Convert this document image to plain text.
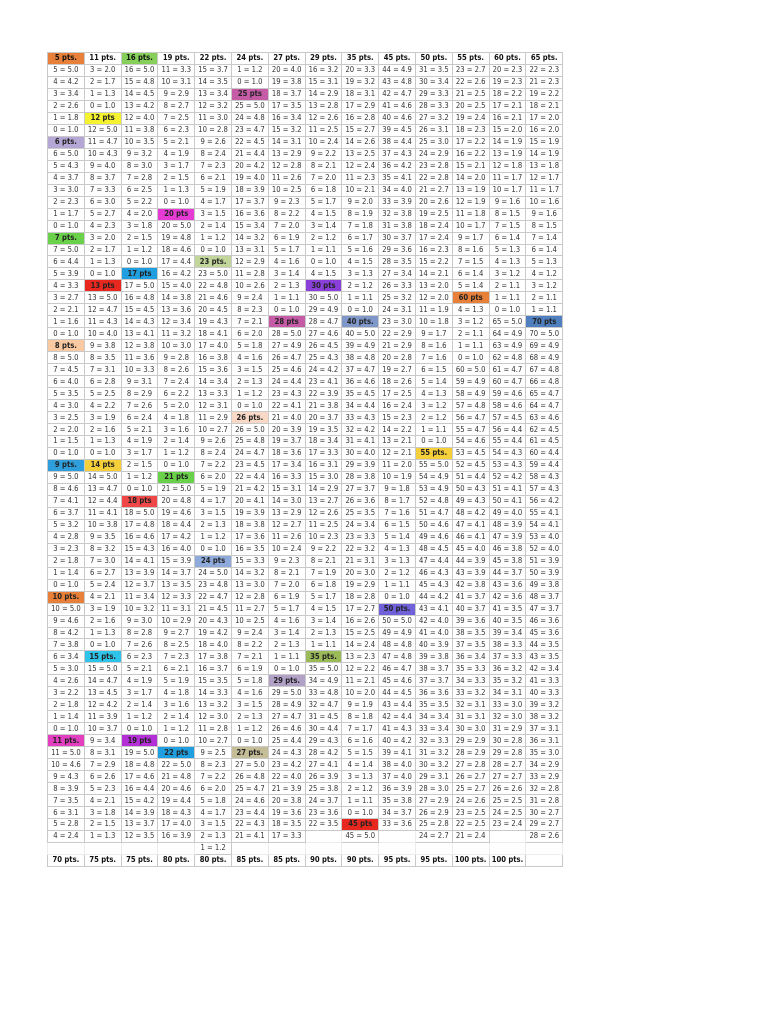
5 pts.	11 pts.	16 pts.	19 pts.	22 pts.	24 pts.	27 pts.	29 pts.	35 pts.	45 pts.	50 pts.	55 pts.	60 pts.	65 pts.
5 = 5.0	3 = 2.0	16 = 5.0	11 = 3.3	15 = 3.7	1 = 1.2	20 = 4.0	16 = 3.2	20 = 3.3	44 = 4.9	31 = 3.5	23 = 2.7	20 = 2.3	22 = 2.3
4 = 4.2	2 = 1.7	15 = 4.8	10 = 3.1	14 = 3.5	0 = 1.0	19 = 3.8	15 = 3.1	19 = 3.2	43 = 4.8	30 = 3.4	22 = 2.6	19 = 2.3	21 = 2.3
3 = 3.4	1 = 1.3	14 = 4.5	9 = 2.9	13 = 3.4	25 pts	18 = 3.7	14 = 2.9	18 = 3.1	42 = 4.7	29 = 3.3	21 = 2.5	18 = 2.2	19 = 2.2
2 = 2.6	0 = 1.0	13 = 4.2	8 = 2.7	12 = 3.2	25 = 5.0	17 = 3.5	13 = 2.8	17 = 2.9	41 = 4.6	28 = 3.3	20 = 2.5	17 = 2.1	18 = 2.1
1 = 1.8	12 pts	12 = 4.0	7 = 2.5	11 = 3.0	24 = 4.8	16 = 3.4	12 = 2.6	16 = 2.8	40 = 4.6	27 = 3.2	19 = 2.4	16 = 2.1	17 = 2.0
0 = 1.0	12 = 5.0	11 = 3.8	6 = 2.3	10 = 2.8	23 = 4.7	15 = 3.2	11 = 2.5	15 = 2.7	39 = 4.5	26 = 3.1	18 = 2.3	15 = 2.0	16 = 2.0
6 pts.	11 = 4.7	10 = 3.5	5 = 2.1	9 = 2.6	22 = 4.5	14 = 3.1	10 = 2.4	14 = 2.6	38 = 4.4	25 = 3.0	17 = 2.2	14 = 1.9	15 = 1.9
6 = 5.0	10 = 4.3	9 = 3.2	4 = 1.9	8 = 2.4	21 = 4.4	13 = 2.9	9 = 2.2	13 = 2.5	37 = 4.3	24 = 2.9	16 = 2.2	13 = 1.9	14 = 1.9
5 = 4.3	9 = 4.0	8 = 3.0	3 = 1.7	7 = 2.3	20 = 4.2	12 = 2.8	8 = 2.1	12 = 2.4	36 = 4.2	23 = 2.8	15 = 2.1	12 = 1.8	13 = 1.8
4 = 3.7	8 = 3.7	7 = 2.8	2 = 1.5	6 = 2.1	19 = 4.0	11 = 2.6	7 = 2.0	11 = 2.3	35 = 4.1	22 = 2.8	14 = 2.0	11 = 1.7	12 = 1.7
3 = 3.0	7 = 3.3	6 = 2.5	1 = 1.3	5 = 1.9	18 = 3.9	10 = 2.5	6 = 1.8	10 = 2.1	34 = 4.0	21 = 2.7	13 = 1.9	10 = 1.7	11 = 1.7
2 = 2.3	6 = 3.0	5 = 2.2	0 = 1.0	4 = 1.7	17 = 3.7	9 = 2.3	5 = 1.7	9 = 2.0	33 = 3.9	20 = 2.6	12 = 1.9	9 = 1.6	10 = 1.6
1 = 1.7	5 = 2.7	4 = 2.0	20 pts	3 = 1.5	16 = 3.6	8 = 2.2	4 = 1.5	8 = 1.9	32 = 3.8	19 = 2.5	11 = 1.8	8 = 1.5	9 = 1.6
0 = 1.0	4 = 2.3	3 = 1.8	20 = 5.0	2 = 1.4	15 = 3.4	7 = 2.0	3 = 1.4	7 = 1.8	31 = 3.8	18 = 2.4	10 = 1.7	7 = 1.5	8 = 1.5
7 pts.	3 = 2.0	2 = 1.5	19 = 4.8	1 = 1.2	14 = 3.2	6 = 1.9	2 = 1.2	6 = 1.7	30 = 3.7	17 = 2.4	9 = 1.7	6 = 1.4	7 = 1.4
7 = 5.0	2 = 1.7	1 = 1.2	18 = 4.6	0 = 1.0	13 = 3.1	5 = 1.7	1 = 1.1	5 = 1.6	29 = 3.6	16 = 2.3	8 = 1.6	5 = 1.3	6 = 1.4
6 = 4.4	1 = 1.3	0 = 1.0	17 = 4.4	23 pts.	12 = 2.9	4 = 1.6	0 = 1.0	4 = 1.5	28 = 3.5	15 = 2.2	7 = 1.5	4 = 1.3	5 = 1.3
5 = 3.9	0 = 1.0	17 pts	16 = 4.2	23 = 5.0	11 = 2.8	3 = 1.4	4 = 1.5	3 = 1.3	27 = 3.4	14 = 2.1	6 = 1.4	3 = 1.2	4 = 1.2
4 = 3.3	13 pts	17 = 5.0	15 = 4.0	22 = 4.8	10 = 2.6	2 = 1.3	30 pts	2 = 1.2	26 = 3.3	13 = 2.0	5 = 1.4	2 = 1.1	3 = 1.2
3 = 2.7	13 = 5.0	16 = 4.8	14 = 3.8	21 = 4.6	9 = 2.4	1 = 1.1	30 = 5.0	1 = 1.1	25 = 3.2	12 = 2.0	60 pts	1 = 1.1	2 = 1.1
2 = 2.1	12 = 4.7	15 = 4.5	13 = 3.6	20 = 4.5	8 = 2.3	0 = 1.0	29 = 4.9	0 = 1.0	24 = 3.1	11 = 1.9	4 = 1.3	0 = 1.0	1 = 1.1
1 = 1.6	11 = 4.3	14 = 4.3	12 = 3.4	19 = 4.3	7 = 2.1	28 pts	28 = 4.7	40 pts.	23 = 3.0	10 = 1.8	3 = 1.2	65 = 5.0	70 pts
0 = 1.0	10 = 4.0	13 = 4.1	11 = 3.2	18 = 4.1	6 = 2.0	28 = 5.0	27 = 4.6	40 = 5.0	22 = 2.9	9 = 1.7	2 = 1.1	64 = 4.9	70 = 5.0
8 pts.	9 = 3.8	12 = 3.8	10 = 3.0	17 = 4.0	5 = 1.8	27 = 4.9	26 = 4.5	39 = 4.9	21 = 2.9	8 = 1.6	1 = 1.1	63 = 4.9	69 = 4.9
8 = 5.0	8 = 3.5	11 = 3.6	9 = 2.8	16 = 3.8	4 = 1.6	26 = 4.7	25 = 4.3	38 = 4.8	20 = 2.8	7 = 1.6	0 = 1.0	62 = 4.8	68 = 4.9
7 = 4.5	7 = 3.1	10 = 3.3	8 = 2.6	15 = 3.6	3 = 1.5	25 = 4.6	24 = 4.2	37 = 4.7	19 = 2.7	6 = 1.5	60 = 5.0	61 = 4.7	67 = 4.8
6 = 4.0	6 = 2.8	9 = 3.1	7 = 2.4	14 = 3.4	2 = 1.3	24 = 4.4	23 = 4.1	36 = 4.6	18 = 2.6	5 = 1.4	59 = 4.9	60 = 4.7	66 = 4.8
5 = 3.5	5 = 2.5	8 = 2.9	6 = 2.2	13 = 3.3	1 = 1.2	23 = 4.3	22 = 3.9	35 = 4.5	17 = 2.5	4 = 1.3	58 = 4.9	59 = 4.6	65 = 4.7
4 = 3.0	4 = 2.2	7 = 2.6	5 = 2.0	12 = 3.1	0 = 1.0	22 = 4.1	21 = 3.8	34 = 4.4	16 = 2.4	3 = 1.2	57 = 4.8	58 = 4.6	64 = 4.7
3 = 2.5	3 = 1.9	6 = 2.4	4 = 1.8	11 = 2.9	26 pts.	21 = 4.0	20 = 3.7	33 = 4.3	15 = 2.3	2 = 1.2	56 = 4.7	57 = 4.5	63 = 4.6
2 = 2.0	2 = 1.6	5 = 2.1	3 = 1.6	10 = 2.7	26 = 5.0	20 = 3.9	19 = 3.5	32 = 4.2	14 = 2.2	1 = 1.1	55 = 4.7	56 = 4.4	62 = 4.5
1 = 1.5	1 = 1.3	4 = 1.9	2 = 1.4	9 = 2.6	25 = 4.8	19 = 3.7	18 = 3.4	31 = 4.1	13 = 2.1	0 = 1.0	54 = 4.6	55 = 4.4	61 = 4.5
0 = 1.0	0 = 1.0	3 = 1.7	1 = 1.2	8 = 2.4	24 = 4.7	18 = 3.6	17 = 3.3	30 = 4.0	12 = 2.1	55 pts.	53 = 4.5	54 = 4.3	60 = 4.4
9 pts.	14 pts	2 = 1.5	0 = 1.0	7 = 2.2	23 = 4.5	17 = 3.4	16 = 3.1	29 = 3.9	11 = 2.0	55 = 5.0	52 = 4.5	53 = 4.3	59 = 4.4
9 = 5.0	14 = 5.0	1 = 1.2	21 pts	6 = 2.0	22 = 4.4	16 = 3.3	15 = 3.0	28 = 3.8	10 = 1.9	54 = 4.9	51 = 4.4	52 = 4.2	58 = 4.3
8 = 4.6	13 = 4.7	0 = 1.0	21 = 5.0	5 = 1.9	21 = 4.2	15 = 3.1	14 = 2.9	27 = 3.7	9 = 1.8	53 = 4.9	50 = 4.3	51 = 4.1	57 = 4.3
7 = 4.1	12 = 4.4	18 pts	20 = 4.8	4 = 1.7	20 = 4.1	14 = 3.0	13 = 2.7	26 = 3.6	8 = 1.7	52 = 4.8	49 = 4.3	50 = 4.1	56 = 4.2
6 = 3.7	11 = 4.1	18 = 5.0	19 = 4.6	3 = 1.5	19 = 3.9	13 = 2.9	12 = 2.6	25 = 3.5	7 = 1.6	51 = 4.7	48 = 4.2	49 = 4.0	55 = 4.1
5 = 3.2	10 = 3.8	17 = 4.8	18 = 4.4	2 = 1.3	18 = 3.8	12 = 2.7	11 = 2.5	24 = 3.4	6 = 1.5	50 = 4.6	47 = 4.1	48 = 3.9	54 = 4.1
4 = 2.8	9 = 3.5	16 = 4.6	17 = 4.2	1 = 1.2	17 = 3.6	11 = 2.6	10 = 2.3	23 = 3.3	5 = 1.4	49 = 4.6	46 = 4.1	47 = 3.9	53 = 4.0
3 = 2.3	8 = 3.2	15 = 4.3	16 = 4.0	0 = 1.0	16 = 3.5	10 = 2.4	9 = 2.2	22 = 3.2	4 = 1.3	48 = 4.5	45 = 4.0	46 = 3.8	52 = 4.0
2 = 1.8	7 = 3.0	14 = 4.1	15 = 3.9	24 pts	15 = 3.3	9 = 2.3	8 = 2.1	21 = 3.1	3 = 1.3	47 = 4.4	44 = 3.9	45 = 3.8	51 = 3.9
1 = 1.4	6 = 2.7	13 = 3.9	14 = 3.7	24 = 5.0	14 = 3.2	8 = 2.1	7 = 1.9	20 = 3.0	2 = 1.2	46 = 4.3	43 = 3.9	44 = 3.7	50 = 3.9
0 = 1.0	5 = 2.4	12 = 3.7	13 = 3.5	23 = 4.8	13 = 3.0	7 = 2.0	6 = 1.8	19 = 2.9	1 = 1.1	45 = 4.3	42 = 3.8	43 = 3.6	49 = 3.8
10 pts.	4 = 2.1	11 = 3.4	12 = 3.3	22 = 4.7	12 = 2.8	6 = 1.9	5 = 1.7	18 = 2.8	0 = 1.0	44 = 4.2	41 = 3.7	42 = 3.6	48 = 3.7
10 = 5.0	3 = 1.9	10 = 3.2	11 = 3.1	21 = 4.5	11 = 2.7	5 = 1.7	4 = 1.5	17 = 2.7	50 pts.	43 = 4.1	40 = 3.7	41 = 3.5	47 = 3.7
9 = 4.6	2 = 1.6	9 = 3.0	10 = 2.9	20 = 4.3	10 = 2.5	4 = 1.6	3 = 1.4	16 = 2.6	50 = 5.0	42 = 4.0	39 = 3.6	40 = 3.5	46 = 3.6
8 = 4.2	1 = 1.3	8 = 2.8	9 = 2.7	19 = 4.2	9 = 2.4	3 = 1.4	2 = 1.3	15 = 2.5	49 = 4.9	41 = 4.0	38 = 3.5	39 = 3.4	45 = 3.6
7 = 3.8	0 = 1.0	7 = 2.6	8 = 2.5	18 = 4.0	8 = 2.2	2 = 1.3	1 = 1.1	14 = 2.4	48 = 4.8	40 = 3.9	37 = 3.5	38 = 3.3	44 = 3.5
6 = 3.4	15 pts.	6 = 2.3	7 = 2.3	17 = 3.8	7 = 2.1	1 = 1.1	35 pts.	13 = 2.3	47 = 4.8	39 = 3.8	36 = 3.4	37 = 3.3	43 = 3.5
5 = 3.0	15 = 5.0	5 = 2.1	6 = 2.1	16 = 3.7	6 = 1.9	0 = 1.0	35 = 5.0	12 = 2.2	46 = 4.7	38 = 3.7	35 = 3.3	36 = 3.2	42 = 3.4
4 = 2.6	14 = 4.7	4 = 1.9	5 = 1.9	15 = 3.5	5 = 1.8	29 pts.	34 = 4.9	11 = 2.1	45 = 4.6	37 = 3.7	34 = 3.3	35 = 3.2	41 = 3.3
3 = 2.2	13 = 4.5	3 = 1.7	4 = 1.8	14 = 3.3	4 = 1.6	29 = 5.0	33 = 4.8	10 = 2.0	44 = 4.5	36 = 3.6	33 = 3.2	34 = 3.1	40 = 3.3
2 = 1.8	12 = 4.2	2 = 1.4	3 = 1.6	13 = 3.2	3 = 1.5	28 = 4.9	32 = 4.7	9 = 1.9	43 = 4.4	35 = 3.5	32 = 3.1	33 = 3.0	39 = 3.2
1 = 1.4	11 = 3.9	1 = 1.2	2 = 1.4	12 = 3.0	2 = 1.3	27 = 4.7	31 = 4.5	8 = 1.8	42 = 4.4	34 = 3.4	31 = 3.1	32 = 3.0	38 = 3.2
0 = 1.0	10 = 3.7	0 = 1.0	1 = 1.2	11 = 2.8	1 = 1.2	26 = 4.6	30 = 4.4	7 = 1.7	41 = 4.3	33 = 3.4	30 = 3.0	31 = 2.9	37 = 3.1
11 pts.	9 = 3.4	19 pts	0 = 1.0	10 = 2.7	0 = 1.0	25 = 4.4	29 = 4.3	6 = 1.6	40 = 4.2	32 = 3.3	29 = 2.9	30 = 2.8	36 = 3.1
11 = 5.0	8 = 3.1	19 = 5.0	22 pts	9 = 2.5	27 pts.	24 = 4.3	28 = 4.2	5 = 1.5	39 = 4.1	31 = 3.2	28 = 2.9	29 = 2.8	35 = 3.0
10 = 4.6	7 = 2.9	18 = 4.8	22 = 5.0	8 = 2.3	27 = 5.0	23 = 4.2	27 = 4.1	4 = 1.4	38 = 4.0	30 = 3.2	27 = 2.8	28 = 2.7	34 = 2.9
9 = 4.3	6 = 2.6	17 = 4.6	21 = 4.8	7 = 2.2	26 = 4.8	22 = 4.0	26 = 3.9	3 = 1.3	37 = 4.0	29 = 3.1	26 = 2.7	27 = 2.7	33 = 2.9
8 = 3.9	5 = 2.3	16 = 4.4	20 = 4.6	6 = 2.0	25 = 4.7	21 = 3.9	25 = 3.8	2 = 1.2	36 = 3.9	28 = 3.0	25 = 2.7	26 = 2.6	32 = 2.8
7 = 3.5	4 = 2.1	15 = 4.2	19 = 4.4	5 = 1.8	24 = 4.6	20 = 3.8	24 = 3.7	1 = 1.1	35 = 3.8	27 = 2.9	24 = 2.6	25 = 2.5	31 = 2.8
6 = 3.1	3 = 1.8	14 = 3.9	18 = 4.3	4 = 1.7	23 = 4.4	19 = 3.6	23 = 3.6	0 = 1.0	34 = 3.7	26 = 2.9	23 = 2.5	24 = 2.5	30 = 2.7
5 = 2.8	2 = 1.5	13 = 3.7	17 = 4.0	3 = 1.5	22 = 4.3	18 = 3.5	22 = 3.5	45 pts	33 = 3.6	25 = 2.8	22 = 2.5	23 = 2.4	29 = 2.7
4 = 2.4	1 = 1.3	12 = 3.5	16 = 3.9	2 = 1.3	21 = 4.1	17 = 3.3		45 = 5.0		24 = 2.7	21 = 2.4		28 = 2.6
				1 = 1.2									
70 pts.	75 pts.	75 pts.	80 pts.	80 pts.	85 pts.	85 pts.	90 pts.	90 pts.	95 pts.	95 pts.	100 pts.	100 pts.	
